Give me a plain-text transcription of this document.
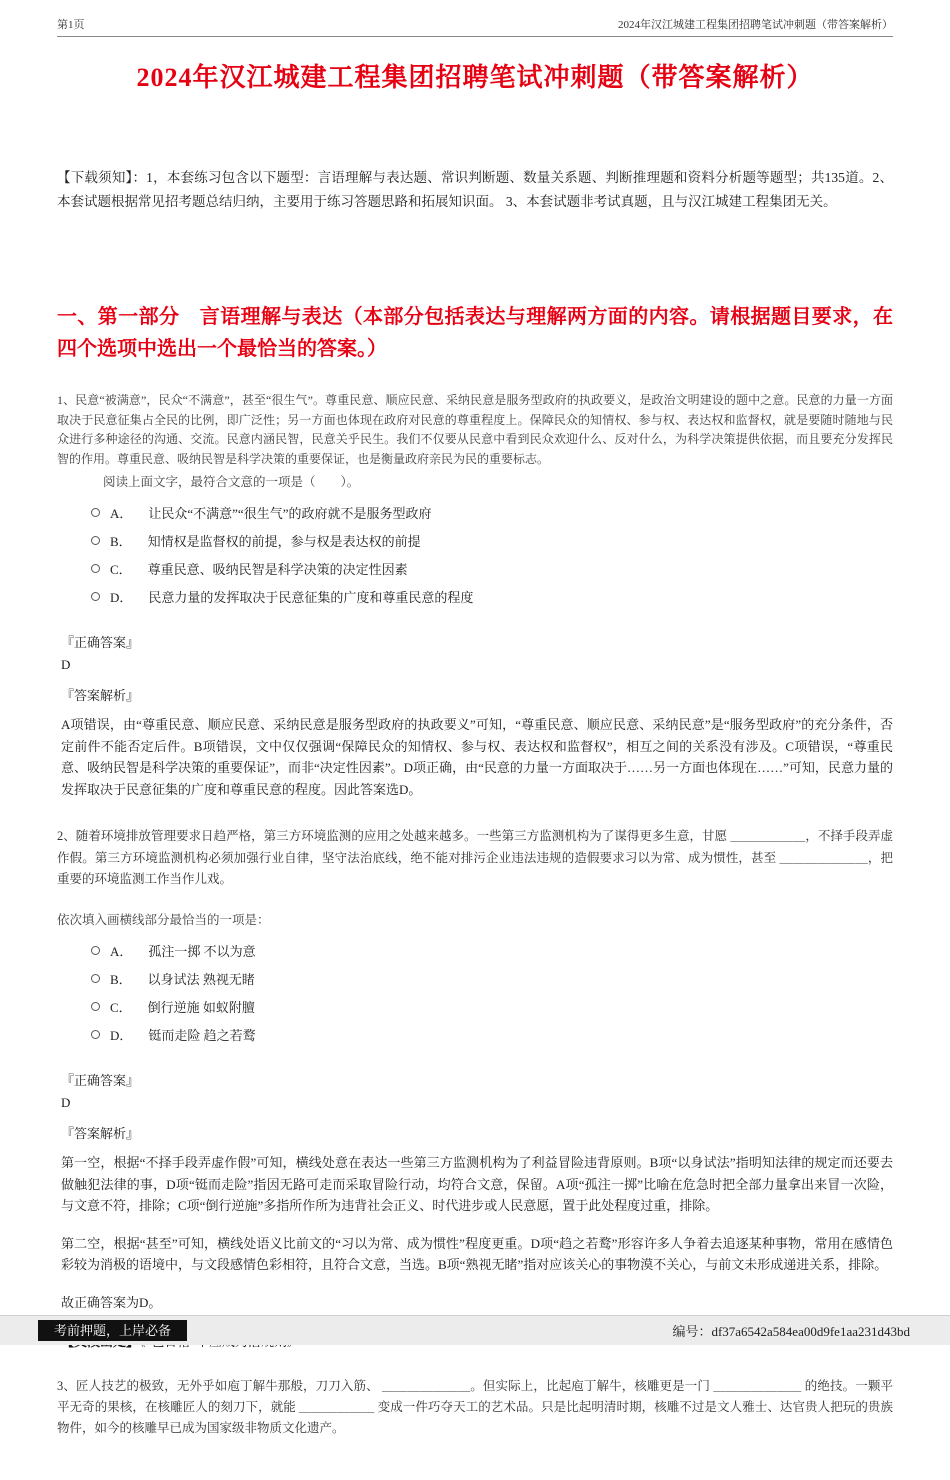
第1页	2024年汉江城建工程集团招聘笔试冲刺题（带答案解析）
2024年汉江城建工程集团招聘笔试冲刺题（带答案解析）

【下载须知】：1，本套练习包含以下题型：言语理解与表达题、常识判断题、数量关系题、判断推理题和资料分析题等题型；共135道。2、本套试题根据常见招考题总结归纳，主要用于练习答题思路和拓展知识面。 3、本套试题非考试真题，且与汉江城建工程集团无关。

一、第一部分　言语理解与表达（本部分包括表达与理解两方面的内容。请根据题目要求，在四个选项中选出一个最恰当的答案。）

1、民意“被满意”，民众“不满意”，甚至“很生气”。尊重民意、顺应民意、采纳民意是服务型政府的执政要义，是政治文明建设的题中之意。民意的力量一方面取决于民意征集占全民的比例，即广泛性；另一方面也体现在政府对民意的尊重程度上。保障民众的知情权、参与权、表达权和监督权，就是要随时随地与民众进行多种途径的沟通、交流。民意内涵民智，民意关乎民生。我们不仅要从民意中看到民众欢迎什么、反对什么，为科学决策提供依据，而且要充分发挥民智的作用。尊重民意、吸纳民智是科学决策的重要保证，也是衡量政府亲民为民的重要标志。

阅读上面文字，最符合文意的一项是（　　）。

A． 让民众“不满意”“很生气”的政府就不是服务型政府
B． 知情权是监督权的前提，参与权是表达权的前提
C． 尊重民意、吸纳民智是科学决策的决定性因素
D． 民意力量的发挥取决于民意征集的广度和尊重民意的程度

『正确答案』

D

『答案解析』

A项错误，由“尊重民意、顺应民意、采纳民意是服务型政府的执政要义”可知，“尊重民意、顺应民意、采纳民意”是“服务型政府”的充分条件，否定前件不能否定后件。B项错误，文中仅仅强调“保障民众的知情权、参与权、表达权和监督权”，相互之间的关系没有涉及。C项错误，“尊重民意、吸纳民智是科学决策的重要保证”，而非“决定性因素”。D项正确，由“民意的力量一方面取决于……另一方面也体现在……”可知，民意力量的发挥取决于民意征集的广度和尊重民意的程度。因此答案选D。

2、随着环境排放管理要求日趋严格，第三方环境监测的应用之处越来越多。一些第三方监测机构为了谋得更多生意，甘愿 ＿＿＿＿＿＿，不择手段弄虚作假。第三方环境监测机构必须加强行业自律，坚守法治底线，绝不能对排污企业违法违规的造假要求习以为常、成为惯性，甚至 ＿＿＿＿＿＿＿，把重要的环境监测工作当作儿戏。

依次填入画横线部分最恰当的一项是：

A． 孤注一掷 不以为意
B． 以身试法 熟视无睹
C． 倒行逆施 如蚁附膻
D． 铤而走险 趋之若鹜

『正确答案』

D

『答案解析』

第一空，根据“不择手段弄虚作假”可知，横线处意在表达一些第三方监测机构为了利益冒险违背原则。B项“以身试法”指明知法律的规定而还要去做触犯法律的事，D项“铤而走险”指因无路可走而采取冒险行动，均符合文意，保留。A项“孤注一掷”比喻在危急时把全部力量拿出来冒一次险，与文意不符，排除；C项“倒行逆施”多指所作所为违背社会正义、时代进步或人民意愿，置于此处程度过重，排除。

第二空，根据“甚至”可知，横线处语义比前文的“习以为常、成为惯性”程度更重。D项“趋之若鹜”形容许多人争着去追逐某种事物，常用在感情色彩较为消极的语境中，与文段感情色彩相符，且符合文意，当选。B项“熟视无睹”指对应该关心的事物漠不关心，与前文未形成递进关系，排除。

故正确答案为D。

3、匠人技艺的极致，无外乎如庖丁解牛那般，刀刀入筋、 ＿＿＿＿＿＿＿。但实际上，比起庖丁解牛，核雕更是一门 ＿＿＿＿＿＿＿ 的绝技。一颗平平无奇的果核，在核雕匠人的刻刀下，就能 ＿＿＿＿＿＿ 变成一件巧夺天工的艺术品。只是比起明清时期，核雕不过是文人雅士、达官贵人把玩的贵族物件，如今的核雕早已成为国家级非物质文化遗产。

考前押题，上岸必备	编号：df37a6542a584ea00d9fe1aa231d43bd
